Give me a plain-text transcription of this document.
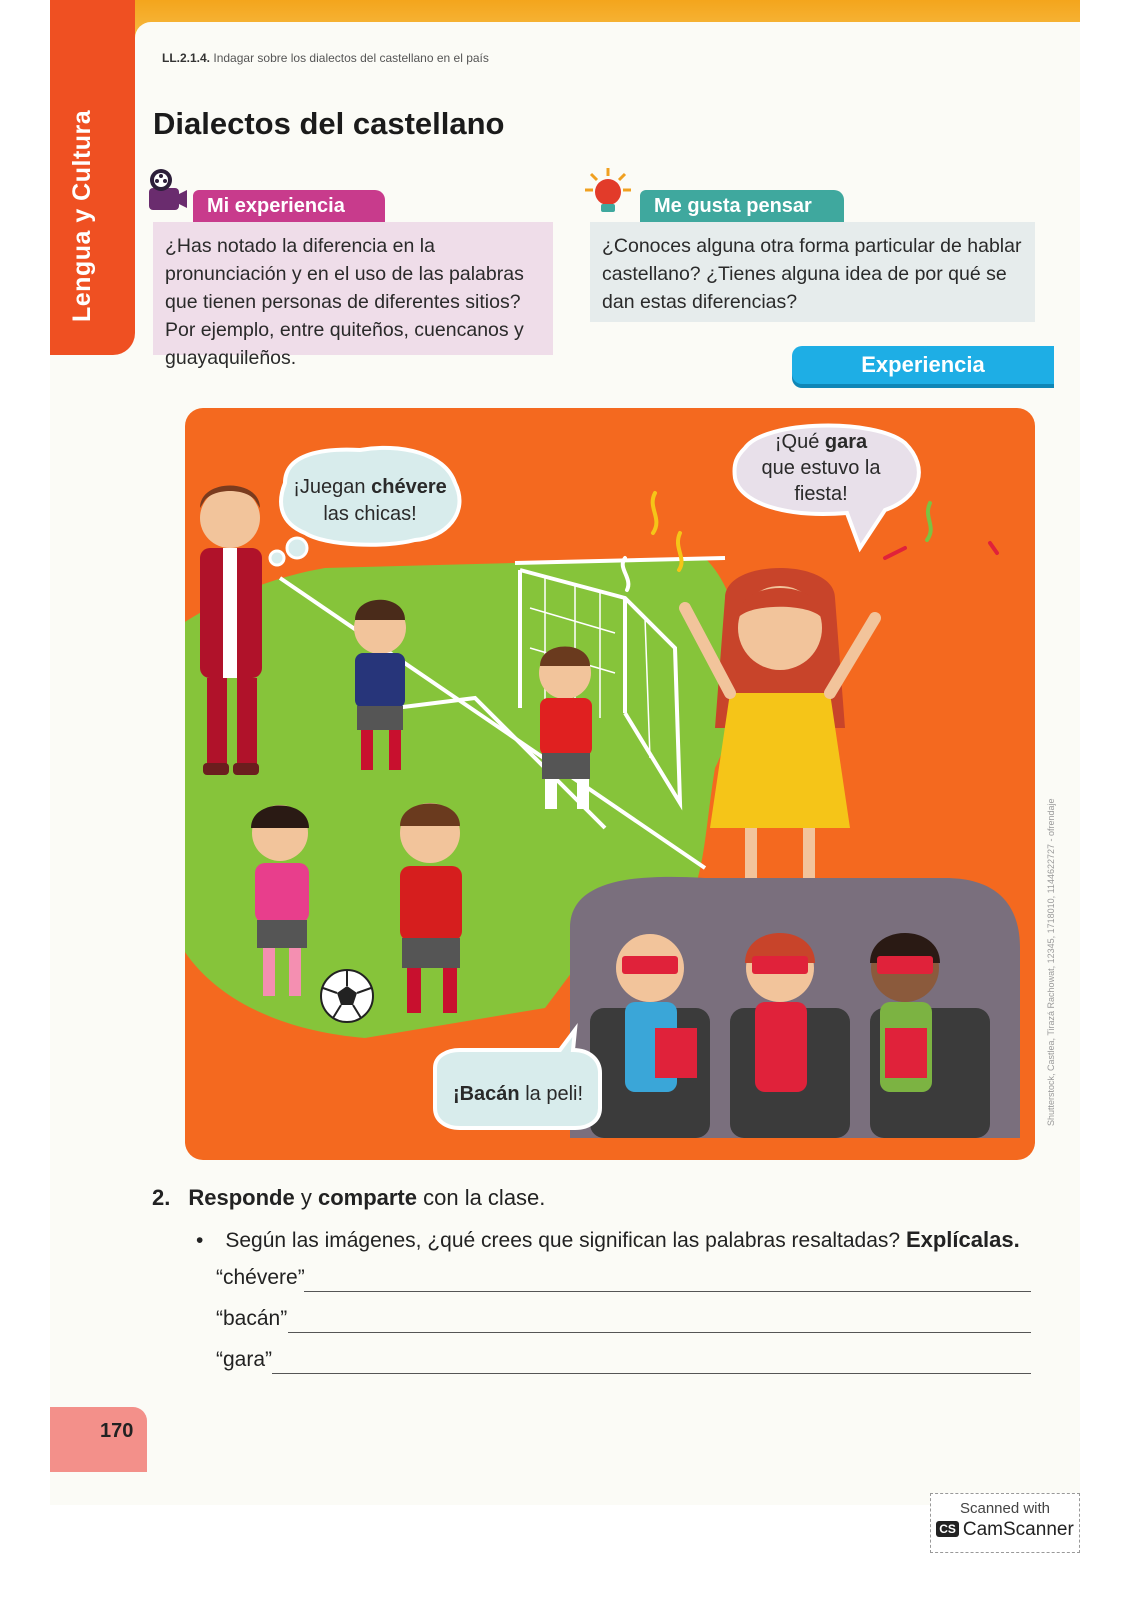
Lengua y Cultura
LL.2.1.4. Indagar sobre los dialectos del castellano en el país
Dialectos del castellano
Mi experiencia
¿Has notado la diferencia en la pronunciación y en el uso de las palabras que tienen personas de diferentes sitios? Por ejemplo, entre quiteños, cuencanos y guayaquileños.
Me gusta pensar
¿Conoces alguna otra forma particular de hablar castellano? ¿Tienes alguna idea de por qué se dan estas diferencias?
Experiencia
¡Juegan chévere
las chicas!
¡Qué gara
que estuvo la
fiesta!
¡Bacán la peli!	Shutterstock, Castlea, Tirazá Rachowat, 12345, 1718010, 1144622727 - ofrendaje
2. Responde y comparte con la clase.
• Según las imágenes, ¿qué crees que significan las palabras resaltadas? Explícalas.
“chévere”
“bacán”
“gara”
170
Scanned with
CS CamScanner
